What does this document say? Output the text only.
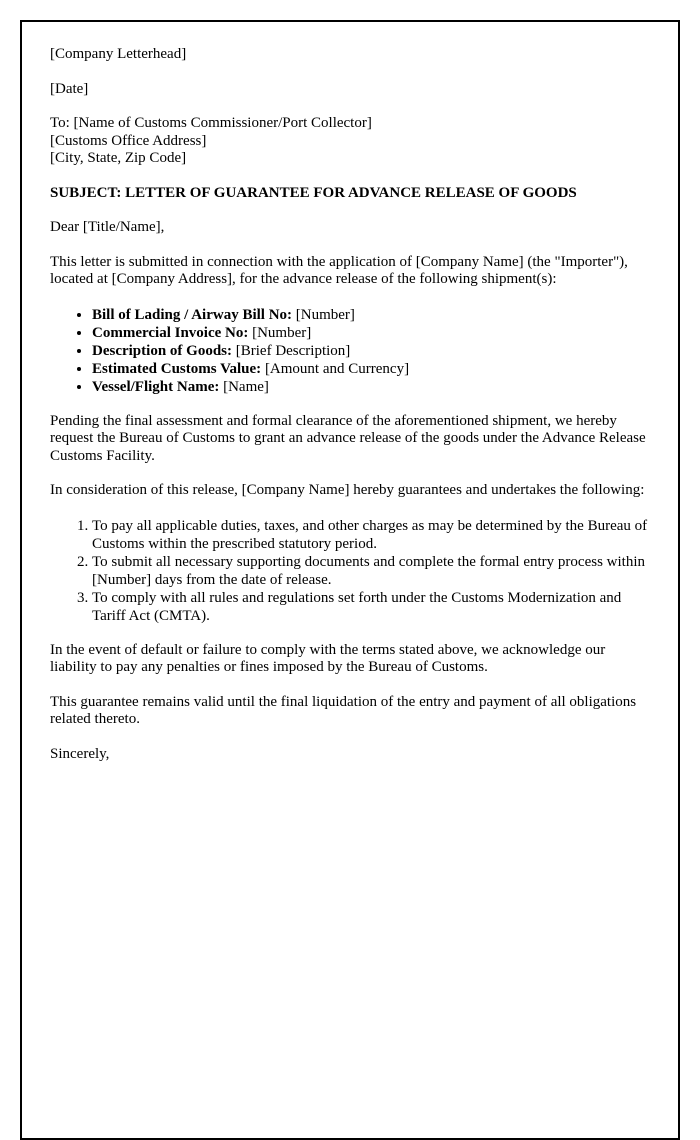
[Company Letterhead]

[Date]

To: [Name of Customs Commissioner/Port Collector]
[Customs Office Address]
[City, State, Zip Code]

SUBJECT: LETTER OF GUARANTEE FOR ADVANCE RELEASE OF GOODS

Dear [Title/Name],

This letter is submitted in connection with the application of [Company Name] (the "Importer"), located at [Company Address], for the advance release of the following shipment(s):

• Bill of Lading / Airway Bill No: [Number]
• Commercial Invoice No: [Number]
• Description of Goods: [Brief Description]
• Estimated Customs Value: [Amount and Currency]
• Vessel/Flight Name: [Name]

Pending the final assessment and formal clearance of the aforementioned shipment, we hereby request the Bureau of Customs to grant an advance release of the goods under the Advance Release Customs Facility.

In consideration of this release, [Company Name] hereby guarantees and undertakes the following:

1. To pay all applicable duties, taxes, and other charges as may be determined by the Bureau of Customs within the prescribed statutory period.
2. To submit all necessary supporting documents and complete the formal entry process within [Number] days from the date of release.
3. To comply with all rules and regulations set forth under the Customs Modernization and Tariff Act (CMTA).

In the event of default or failure to comply with the terms stated above, we acknowledge our liability to pay any penalties or fines imposed by the Bureau of Customs.

This guarantee remains valid until the final liquidation of the entry and payment of all obligations related thereto.

Sincerely,
